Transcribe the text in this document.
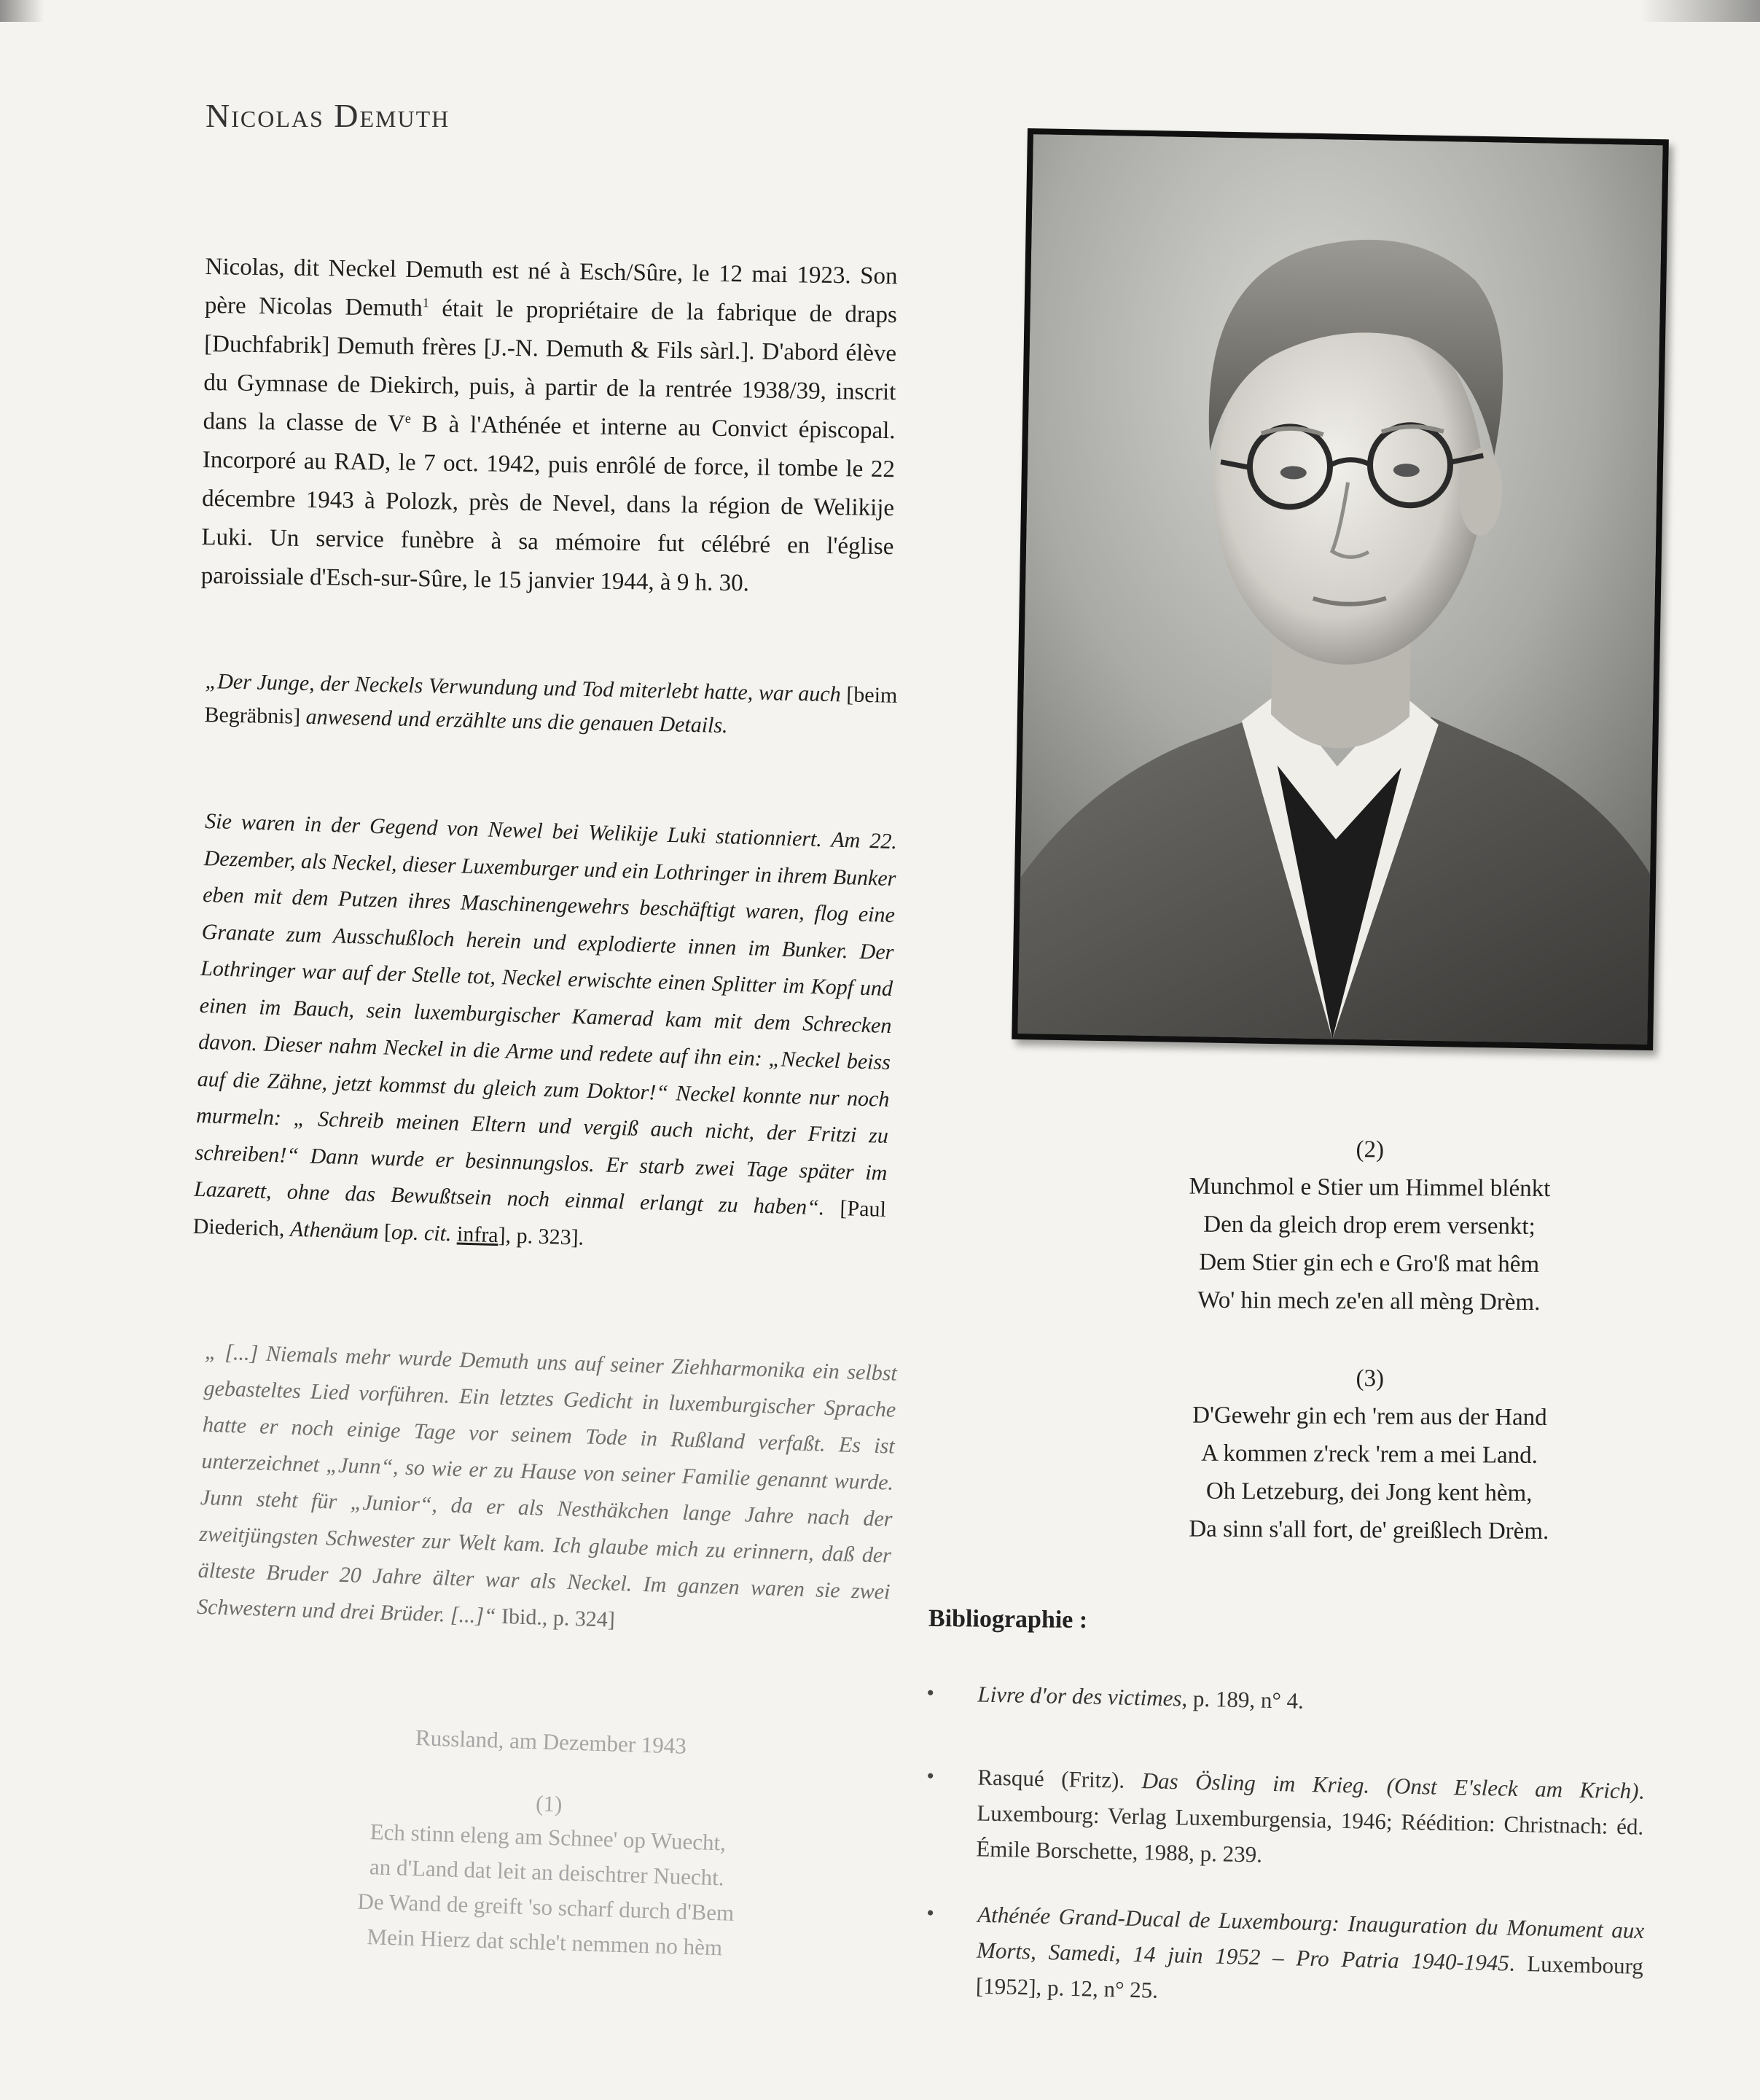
Nicolas Demuth
Nicolas, dit Neckel Demuth est né à Esch/Sûre, le 12 mai 1923. Son père Nicolas Demuth$^1$ était le propriétaire de la fabrique de draps [Duchfabrik] Demuth frères [J.-N. Demuth & Fils sàrl.]. D'abord élève du Gymnase de Diekirch, puis, à partir de la rentrée 1938/39, inscrit dans la classe de Ve B à l'Athénée et interne au Convict épiscopal. Incorporé au RAD, le 7 oct. 1942, puis enrôlé de force, il tombe le 22 décembre 1943 à Polozk, près de Nevel, dans la région de Welikije Luki. Un service funèbre à sa mémoire fut célébré en l'église paroissiale d'Esch-sur-Sûre, le 15 janvier 1944, à 9 h. 30.
„Der Junge, der Neckels Verwundung und Tod miterlebt hatte, war auch [beim Begräbnis] anwesend und erzählte uns die genauen Details.
Sie waren in der Gegend von Newel bei Welikije Luki stationniert. Am 22. Dezember, als Neckel, dieser Luxemburger und ein Lothringer in ihrem Bunker eben mit dem Putzen ihres Maschinengewehrs beschäftigt waren, flog eine Granate zum Ausschußloch herein und explodierte innen im Bunker. Der Lothringer war auf der Stelle tot, Neckel erwischte einen Splitter im Kopf und einen im Bauch, sein luxemburgischer Kamerad kam mit dem Schrecken davon. Dieser nahm Neckel in die Arme und redete auf ihn ein: „Neckel beiss auf die Zähne, jetzt kommst du gleich zum Doktor!“ Neckel konnte nur noch murmeln: „ Schreib meinen Eltern und vergiß auch nicht, der Fritzi zu schreiben!“ Dann wurde er besinnungslos. Er starb zwei Tage später im Lazarett, ohne das Bewußtsein noch einmal erlangt zu haben“. [Paul Diederich, Athenäum [op. cit. infra], p. 323].
„ [...] Niemals mehr wurde Demuth uns auf seiner Ziehharmonika ein selbst gebasteltes Lied vorführen. Ein letztes Gedicht in luxemburgischer Sprache hatte er noch einige Tage vor seinem Tode in Rußland verfaßt. Es ist unterzeichnet „Junn“, so wie er zu Hause von seiner Familie genannt wurde. Junn steht für „Junior“, da er als Nesthäkchen lange Jahre nach der zweitjüngsten Schwester zur Welt kam. Ich glaube mich zu erinnern, daß der älteste Bruder 20 Jahre älter war als Neckel. Im ganzen waren sie zwei Schwestern und drei Brüder. [...]“ Ibid., p. 324]
Russland, am Dezember 1943
(1)
Ech stinn eleng am Schnee' op Wuecht,
an d'Land dat leit an deischtrer Nuecht.
De Wand de greift 'so scharf durch d'Bem
Mein Hierz dat schle't nemmen no hèm
(2)
Munchmol e Stier um Himmel blénkt
Den da gleich drop erem versenkt;
Dem Stier gin ech e Gro'ß mat hêm
Wo' hin mech ze'en all mèng Drèm.
(3)
D'Gewehr gin ech 'rem aus der Hand
A kommen z'reck 'rem a mei Land.
Oh Letzeburg, dei Jong kent hèm,
Da sinn s'all fort, de' greißlech Drèm.
Bibliographie :
• Livre d'or des victimes, p. 189, n° 4.
• Rasqué (Fritz). Das Ösling im Krieg. (Onst E'sleck am Krich). Luxembourg: Verlag Luxemburgensia, 1946; Réédition: Christnach: éd. Émile Borschette, 1988, p. 239.
• Athénée Grand-Ducal de Luxembourg: Inauguration du Monument aux Morts, Samedi, 14 juin 1952 – Pro Patria 1940-1945. Luxembourg [1952], p. 12, n° 25.
